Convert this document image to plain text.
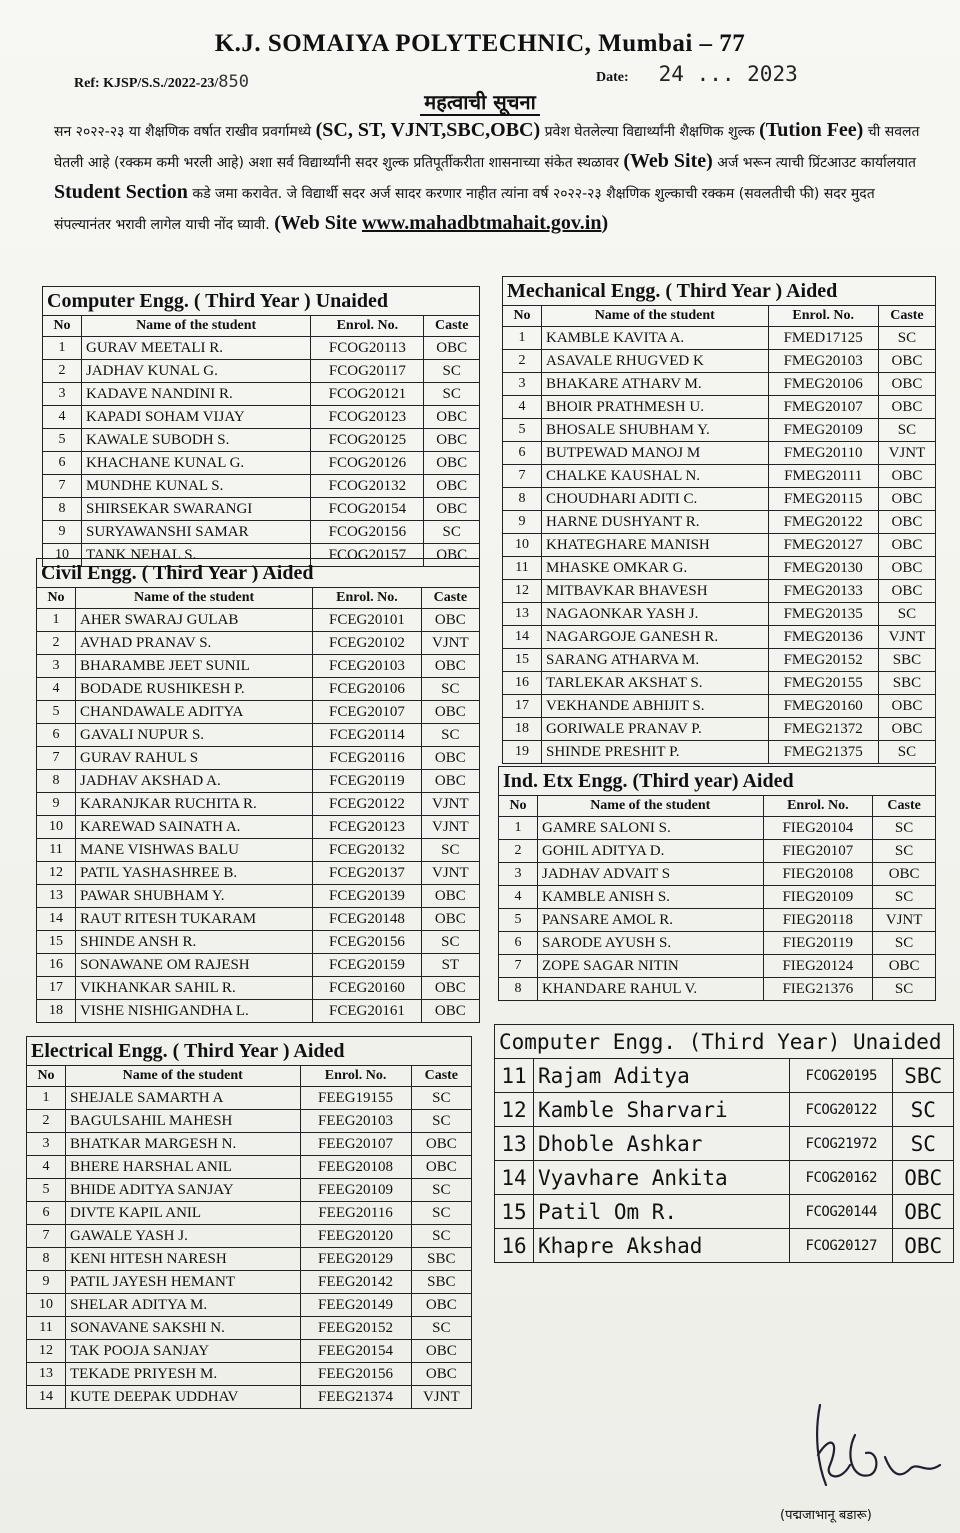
K.J. SOMAIYA POLYTECHNIC, Mumbai – 77
Ref: KJSP/S.S./2022-23/850	Date: 24 ... 2023
महत्वाची सूचना
सन २०२२-२३ या शैक्षणिक वर्षात राखीव प्रवर्गामध्ये (SC, ST, VJNT,SBC,OBC) प्रवेश घेतलेल्या विद्यार्थ्यांनी शैक्षणिक शुल्क (Tution Fee) ची सवलत घेतली आहे (रक्कम कमी भरली आहे) अशा सर्व विद्यार्थ्यांनी सदर शुल्क प्रतिपूर्तीकरीता शासनाच्या संकेत स्थळावर (Web Site) अर्ज भरून त्याची प्रिंटआउट कार्यालयात Student Section कडे जमा करावेत. जे विद्यार्थी सदर अर्ज सादर करणार नाहीत त्यांना वर्ष २०२२-२३ शैक्षणिक शुल्काची रक्कम (सवलतीची फी) सदर मुदत संपल्यानंतर भरावी लागेल याची नोंद घ्यावी. (Web Site www.mahadbtmahait.gov.in)
Computer Engg. ( Third Year ) Unaided			
No	Name of the student	Enrol. No.	Caste
1	GURAV MEETALI R.	FCOG20113	OBC
2	JADHAV KUNAL G.	FCOG20117	SC
3	KADAVE NANDINI R.	FCOG20121	SC
4	KAPADI SOHAM VIJAY	FCOG20123	OBC
5	KAWALE SUBODH S.	FCOG20125	OBC
6	KHACHANE KUNAL G.	FCOG20126	OBC
7	MUNDHE KUNAL S.	FCOG20132	OBC
8	SHIRSEKAR SWARANGI	FCOG20154	OBC
9	SURYAWANSHI SAMAR	FCOG20156	SC
10	TANK NEHAL S.	FCOG20157	OBC
Civil Engg. ( Third Year ) Aided			
No	Name of the student	Enrol. No.	Caste
1	AHER SWARAJ GULAB	FCEG20101	OBC
2	AVHAD PRANAV S.	FCEG20102	VJNT
3	BHARAMBE JEET SUNIL	FCEG20103	OBC
4	BODADE RUSHIKESH P.	FCEG20106	SC
5	CHANDAWALE ADITYA	FCEG20107	OBC
6	GAVALI NUPUR S.	FCEG20114	SC
7	GURAV RAHUL S	FCEG20116	OBC
8	JADHAV AKSHAD A.	FCEG20119	OBC
9	KARANJKAR RUCHITA R.	FCEG20122	VJNT
10	KAREWAD SAINATH A.	FCEG20123	VJNT
11	MANE VISHWAS BALU	FCEG20132	SC
12	PATIL YASHASHREE B.	FCEG20137	VJNT
13	PAWAR SHUBHAM Y.	FCEG20139	OBC
14	RAUT RITESH TUKARAM	FCEG20148	OBC
15	SHINDE ANSH R.	FCEG20156	SC
16	SONAWANE OM RAJESH	FCEG20159	ST
17	VIKHANKAR SAHIL R.	FCEG20160	OBC
18	VISHE NISHIGANDHA L.	FCEG20161	OBC
Electrical Engg. ( Third Year ) Aided			
No	Name of the student	Enrol. No.	Caste
1	SHEJALE SAMARTH A	FEEG19155	SC
2	BAGULSAHIL MAHESH	FEEG20103	SC
3	BHATKAR MARGESH N.	FEEG20107	OBC
4	BHERE HARSHAL ANIL	FEEG20108	OBC
5	BHIDE ADITYA SANJAY	FEEG20109	SC
6	DIVTE KAPIL ANIL	FEEG20116	SC
7	GAWALE YASH J.	FEEG20120	SC
8	KENI HITESH NARESH	FEEG20129	SBC
9	PATIL JAYESH HEMANT	FEEG20142	SBC
10	SHELAR ADITYA M.	FEEG20149	OBC
11	SONAVANE SAKSHI N.	FEEG20152	SC
12	TAK POOJA SANJAY	FEEG20154	OBC
13	TEKADE PRIYESH M.	FEEG20156	OBC
14	KUTE DEEPAK UDDHAV	FEEG21374	VJNT
Mechanical Engg. ( Third Year ) Aided			
No	Name of the student	Enrol. No.	Caste
1	KAMBLE KAVITA A.	FMED17125	SC
2	ASAVALE RHUGVED K	FMEG20103	OBC
3	BHAKARE ATHARV M.	FMEG20106	OBC
4	BHOIR PRATHMESH U.	FMEG20107	OBC
5	BHOSALE SHUBHAM Y.	FMEG20109	SC
6	BUTPEWAD MANOJ M	FMEG20110	VJNT
7	CHALKE KAUSHAL N.	FMEG20111	OBC
8	CHOUDHARI ADITI C.	FMEG20115	OBC
9	HARNE DUSHYANT R.	FMEG20122	OBC
10	KHATEGHARE MANISH	FMEG20127	OBC
11	MHASKE OMKAR G.	FMEG20130	OBC
12	MITBAVKAR BHAVESH	FMEG20133	OBC
13	NAGAONKAR YASH J.	FMEG20135	SC
14	NAGARGOJE GANESH R.	FMEG20136	VJNT
15	SARANG ATHARVA M.	FMEG20152	SBC
16	TARLEKAR AKSHAT S.	FMEG20155	SBC
17	VEKHANDE ABHIJIT S.	FMEG20160	OBC
18	GORIWALE PRANAV P.	FMEG21372	OBC
19	SHINDE PRESHIT P.	FMEG21375	SC
Ind. Etx Engg. (Third year) Aided			
No	Name of the student	Enrol. No.	Caste
1	GAMRE SALONI S.	FIEG20104	SC
2	GOHIL ADITYA D.	FIEG20107	SC
3	JADHAV ADVAIT S	FIEG20108	OBC
4	KAMBLE ANISH S.	FIEG20109	SC
5	PANSARE AMOL R.	FIEG20118	VJNT
6	SARODE AYUSH S.	FIEG20119	SC
7	ZOPE SAGAR NITIN	FIEG20124	OBC
8	KHANDARE RAHUL V.	FIEG21376	SC
Computer Engg. (Third Year) Unaided			
11	Rajam Aditya	FCOG20195	SBC
12	Kamble Sharvari	FCOG20122	SC
13	Dhoble Ashkar	FCOG21972	SC
14	Vyavhare Ankita	FCOG20162	OBC
15	Patil Om R.	FCOG20144	OBC
16	Khapre Akshad	FCOG20127	OBC
(पद्मजाभानू बडारू)
